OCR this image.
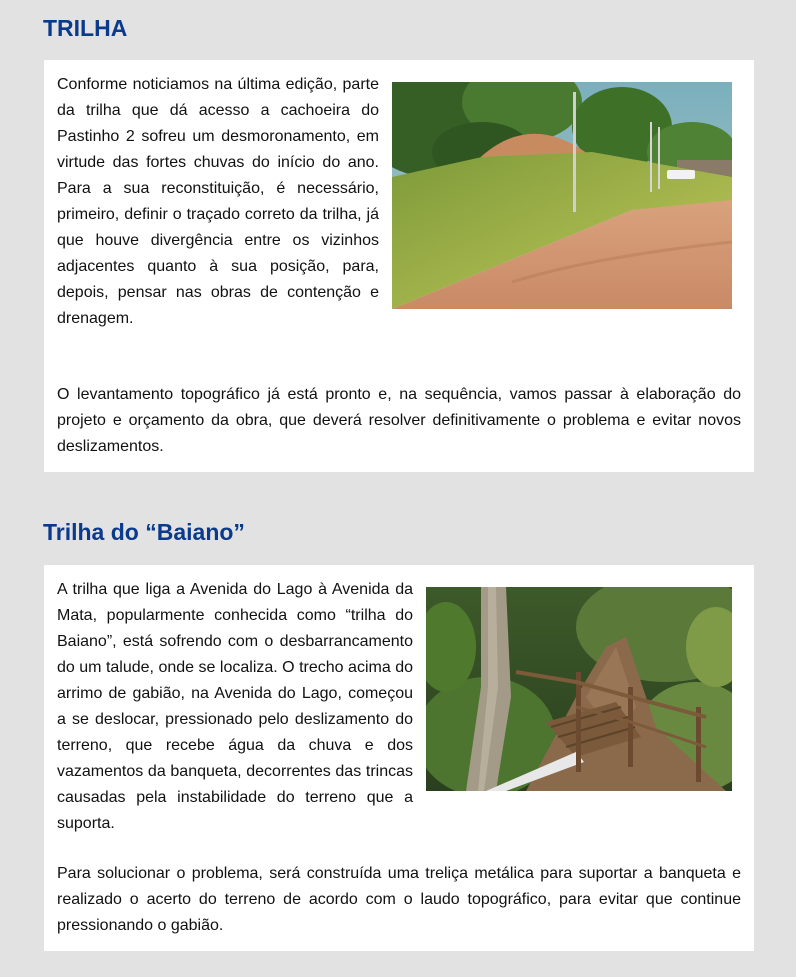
TRILHA

Conforme noticiamos na última edição, parte da trilha que dá acesso a cachoeira do Pastinho 2 sofreu um desmoronamento, em virtude das fortes chuvas do início do ano. Para a sua reconstituição, é necessário, primeiro, definir o traçado correto da trilha, já que houve divergência entre os vizinhos adjacentes quanto à sua posição, para, depois, pensar nas obras de contenção e drenagem.

O levantamento topográfico já está pronto e, na sequência, vamos passar à elaboração do projeto e orçamento da obra, que deverá resolver definitivamente o problema e evitar novos deslizamentos.

Trilha do “Baiano”

A trilha que liga a Avenida do Lago à Avenida da Mata, popularmente conhecida como “trilha do Baiano”, está sofrendo com o desbarrancamento do um talude, onde se localiza. O trecho acima do arrimo de gabião, na Avenida do Lago, começou a se deslocar, pressionado pelo deslizamento do terreno, que recebe água da chuva e dos vazamentos da banqueta, decorrentes das trincas causadas pela instabilidade do terreno que a suporta.

Para solucionar o problema, será construída uma treliça metálica para suportar a banqueta e realizado o acerto do terreno de acordo com o laudo topográfico, para evitar que continue pressionando o gabião.
